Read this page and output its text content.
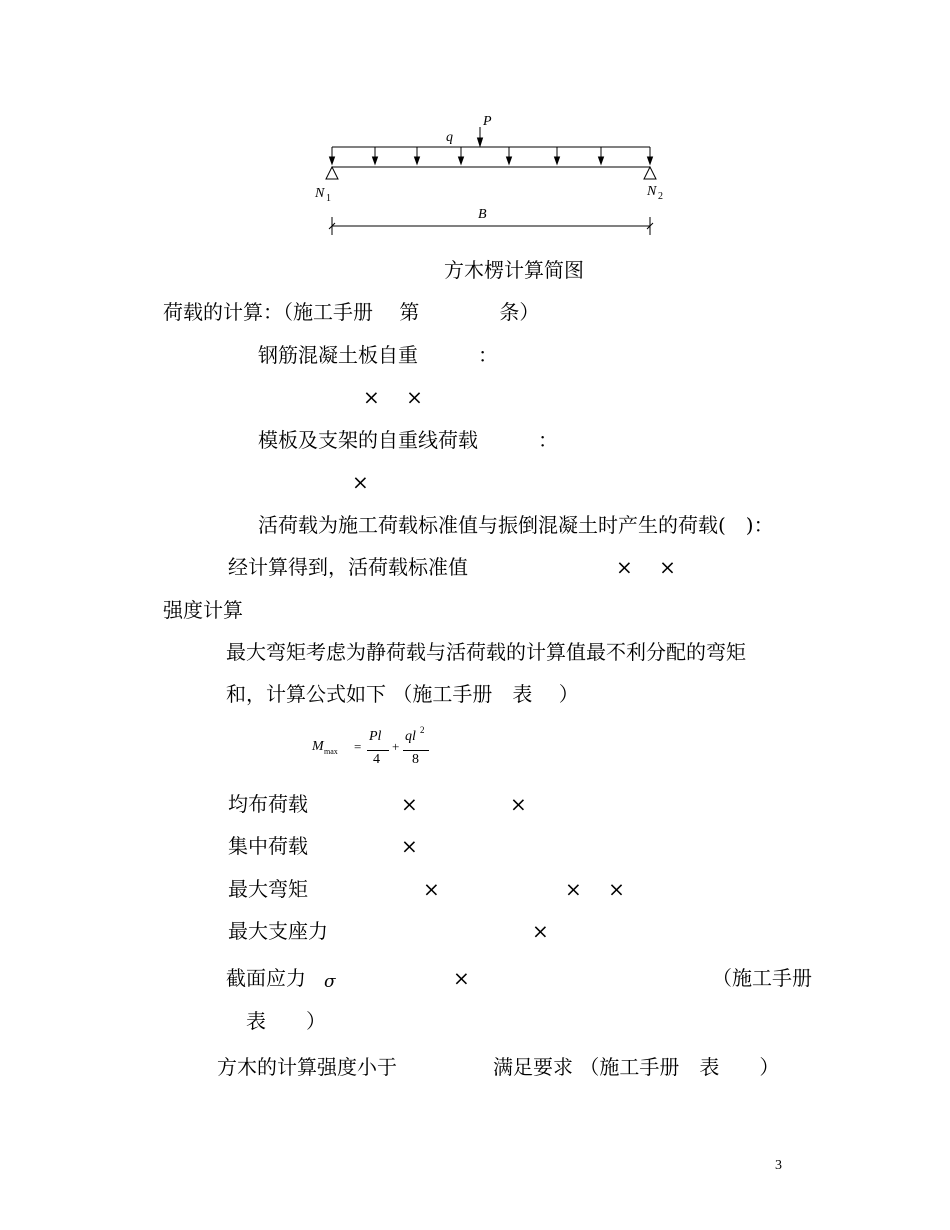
q
P
N 1	N 2
B
方木楞计算简图
荷载的计算：（施工手册　 第　　　　条）
钢筋混凝土板自重　　　：
×　 ×
模板及支架的自重线荷载　　　：
×
活荷载为施工荷载标准值与振倒混凝土时产生的荷载(　)：
经计算得到，活荷载标准值	×　 ×
强度计算
最大弯矩考虑为静荷载与活荷载的计算值最不利分配的弯矩
和，计算公式如下 （施工手册　表　 ）
M max =
Pl
4
+
ql 2
8
均布荷载	×	×
集中荷载	×
最大弯矩	×	×　 ×
最大支座力	×
截面应力 σ	×	（施工手册
表　　）
方木的计算强度小于	满足要求 （施工手册　表　　）
3
